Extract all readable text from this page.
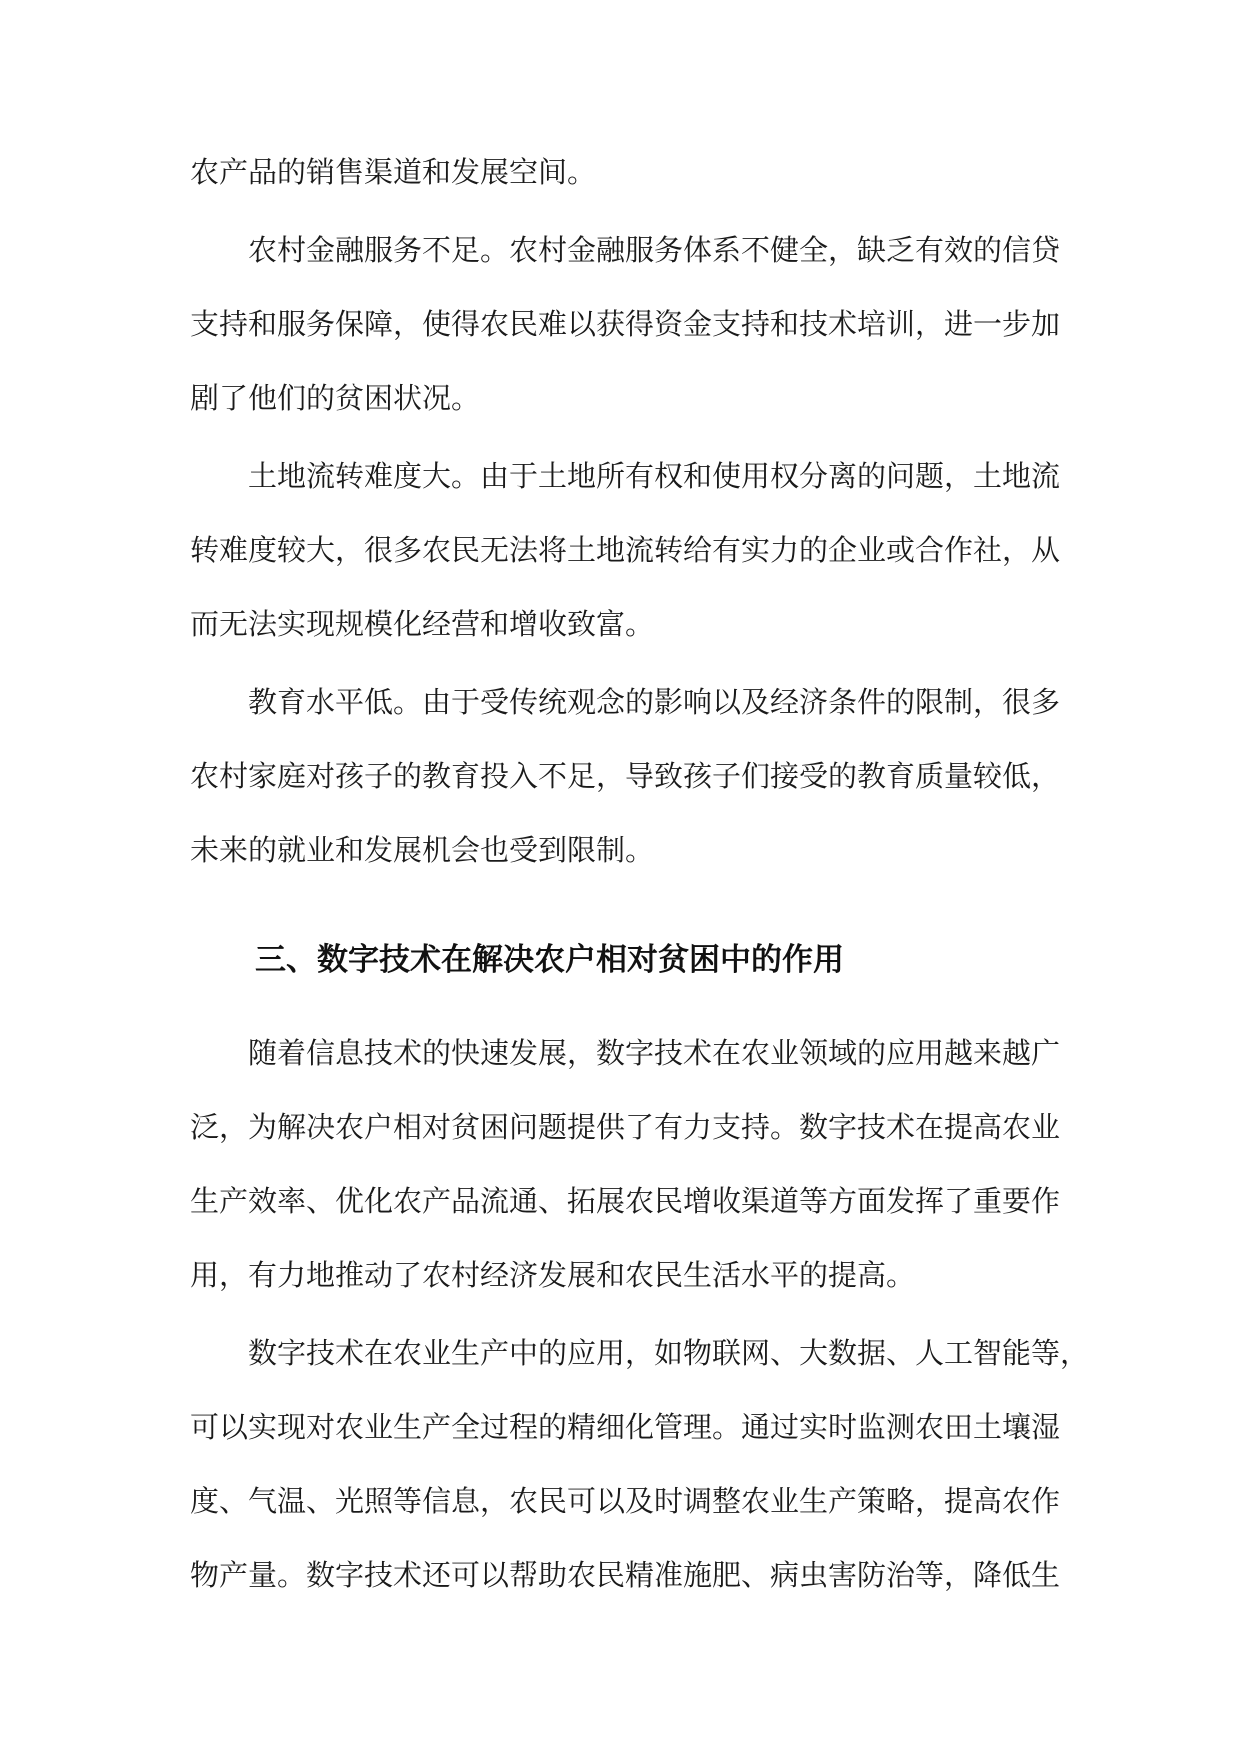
农产品的销售渠道和发展空间。

农村金融服务不足。农村金融服务体系不健全，缺乏有效的信贷

支持和服务保障，使得农民难以获得资金支持和技术培训，进一步加

剧了他们的贫困状况。

土地流转难度大。由于土地所有权和使用权分离的问题，土地流

转难度较大，很多农民无法将土地流转给有实力的企业或合作社，从

而无法实现规模化经营和增收致富。

教育水平低。由于受传统观念的影响以及经济条件的限制，很多

农村家庭对孩子的教育投入不足，导致孩子们接受的教育质量较低，

未来的就业和发展机会也受到限制。

三、数字技术在解决农户相对贫困中的作用

随着信息技术的快速发展，数字技术在农业领域的应用越来越广

泛，为解决农户相对贫困问题提供了有力支持。数字技术在提高农业

生产效率、优化农产品流通、拓展农民增收渠道等方面发挥了重要作

用，有力地推动了农村经济发展和农民生活水平的提高。

数字技术在农业生产中的应用，如物联网、大数据、人工智能等，

可以实现对农业生产全过程的精细化管理。通过实时监测农田土壤湿

度、气温、光照等信息，农民可以及时调整农业生产策略，提高农作

物产量。数字技术还可以帮助农民精准施肥、病虫害防治等，降低生
